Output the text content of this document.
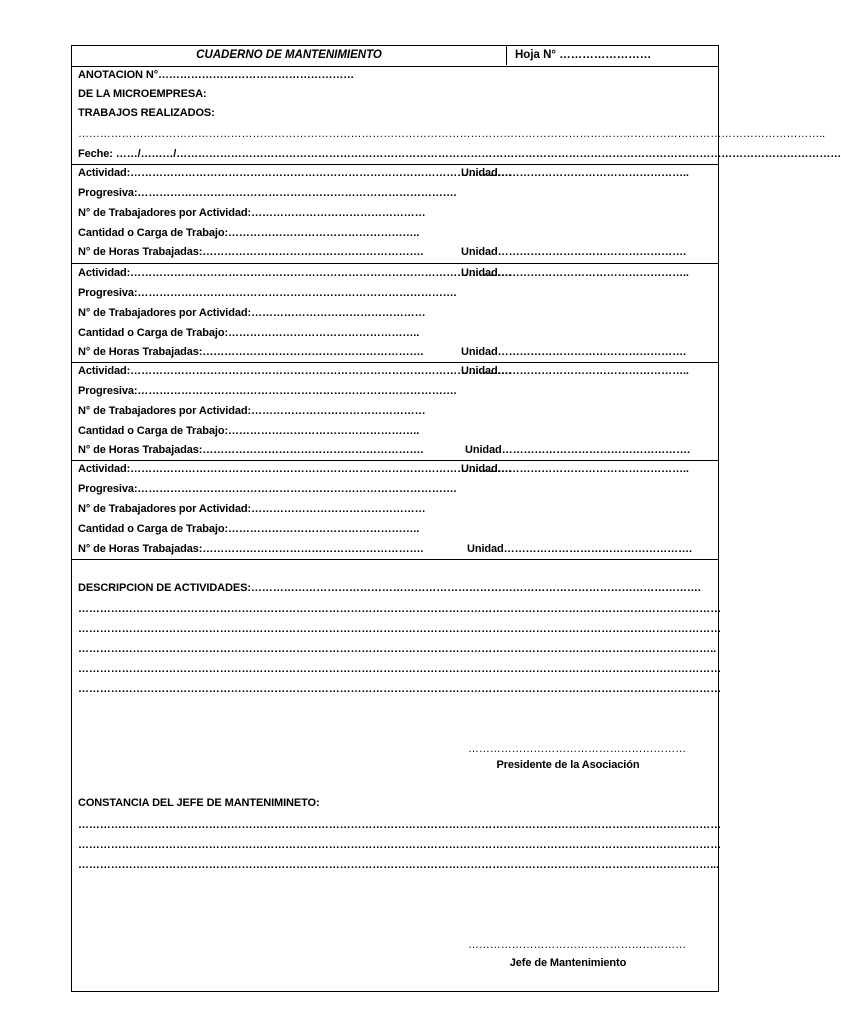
CUADERNO DE MANTENIMIENTO	Hoja N° ……………………
ANOTACION N°………………………………………………
DE LA MICROEMPRESA:
TRABAJOS REALIZADOS:
……………………………………………………………………………………………………………………………………………………………………………………..
Feche: ……/………/…………………………………………………………………………………………………………………………………………………………………
Actividad:……………………………………………………………………………………………
Unidad……………………………………………..
Progresiva:…………………………………………………………………………….
N° de Trabajadores por Actividad:…………………………………………
Cantidad o Carga de Trabajo:……………………………………………..
N° de Horas Trabajadas:…………………………………………………….	Unidad…………………………………………….
Actividad:……………………………………………………………………………………………
Unidad……………………………………………..
Progresiva:…………………………………………………………………………….
N° de Trabajadores por Actividad:…………………………………………
Cantidad o Carga de Trabajo:……………………………………………..
N° de Horas Trabajadas:…………………………………………………….	Unidad…………………………………………….
Actividad:……………………………………………………………………………………………
Unidad……………………………………………..
Progresiva:…………………………………………………………………………….
N° de Trabajadores por Actividad:…………………………………………
Cantidad o Carga de Trabajo:……………………………………………..
N° de Horas Trabajadas:…………………………………………………….	Unidad…………………………………………….
Actividad:……………………………………………………………………………………………
Unidad……………………………………………..
Progresiva:…………………………………………………………………………….
N° de Trabajadores por Actividad:…………………………………………
Cantidad o Carga de Trabajo:……………………………………………..
N° de Horas Trabajadas:…………………………………………………….	Unidad…………………………………………….
DESCRIPCION DE ACTIVIDADES:…………………………………………………………………………………………………………….
……………………………………………………………………………………………………………………………………………………………
……………………………………………………………………………………………………………………………………………………………
…………………………………………………………………………………………………………………………………………………………..
……………………………………………………………………………………………………………………………………………………………
……………………………………………………………………………………………………………………………………………………………
……………………………………………………
Presidente de la Asociación
CONSTANCIA DEL JEFE DE MANTENIMINETO:
……………………………………………………………………………………………………………………………………………………………
……………………………………………………………………………………………………………………………………………………………
…………………………………………………………………………………………………………………………………………………………...
……………………………………………………
Jefe de Mantenimiento
